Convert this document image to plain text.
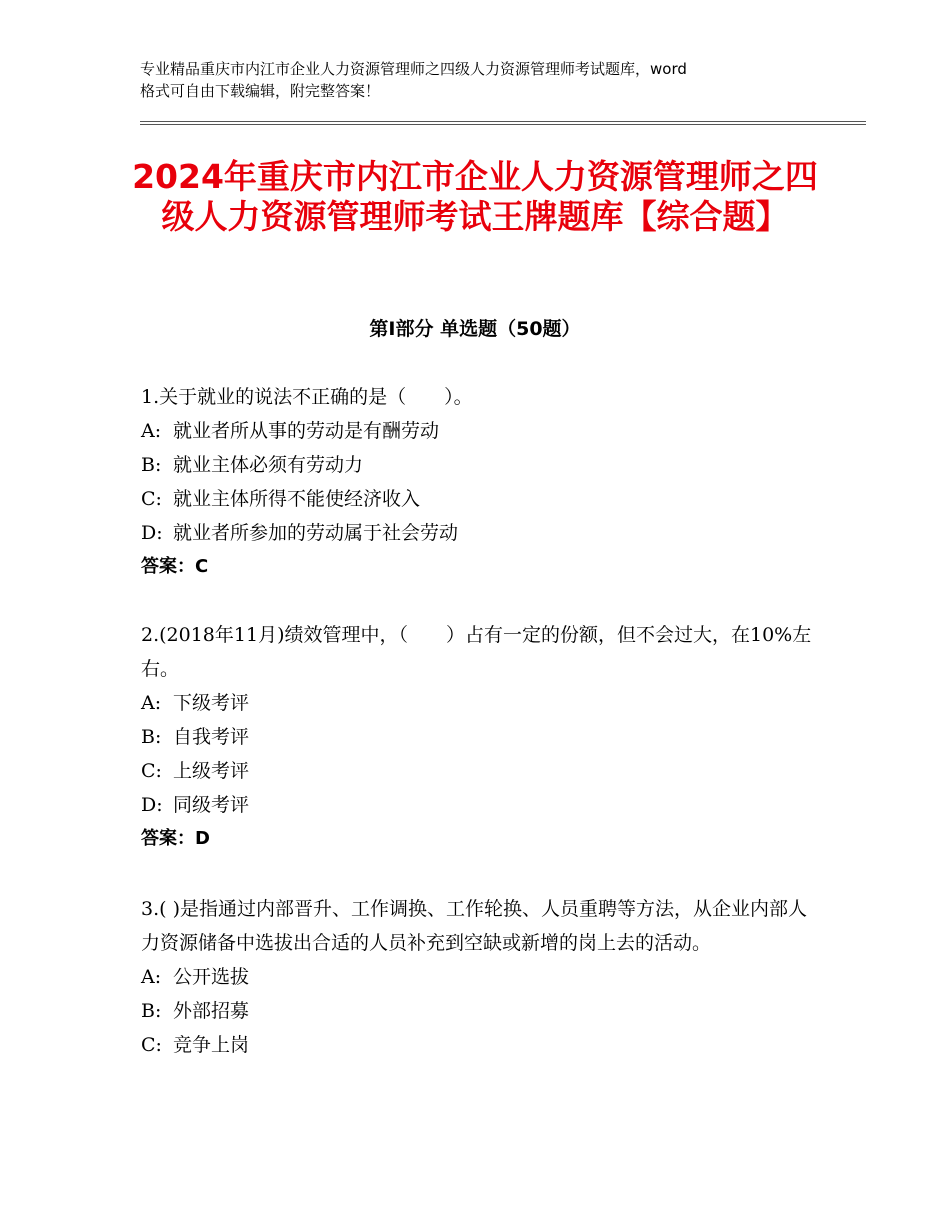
专业精品重庆市内江市企业人力资源管理师之四级人力资源管理师考试题库，word
格式可自由下载编辑，附完整答案！
2024年重庆市内江市企业人力资源管理师之四级人力资源管理师考试王牌题库【综合题】
第Ⅰ部分 单选题（50题）

1.关于就业的说法不正确的是（　　）。

A: 就业者所从事的劳动是有酬劳动

B: 就业主体必须有劳动力

C: 就业主体所得不能使经济收入

D: 就业者所参加的劳动属于社会劳动

答案：C

2.(2018年11月)绩效管理中，（　　）占有一定的份额，但不会过大，在10%左右。

A: 下级考评

B: 自我考评

C: 上级考评

D: 同级考评

答案：D

3.( )是指通过内部晋升、工作调换、工作轮换、人员重聘等方法，从企业内部人力资源储备中选拔出合适的人员补充到空缺或新增的岗上去的活动。

A: 公开选拔

B: 外部招募

C: 竞争上岗
